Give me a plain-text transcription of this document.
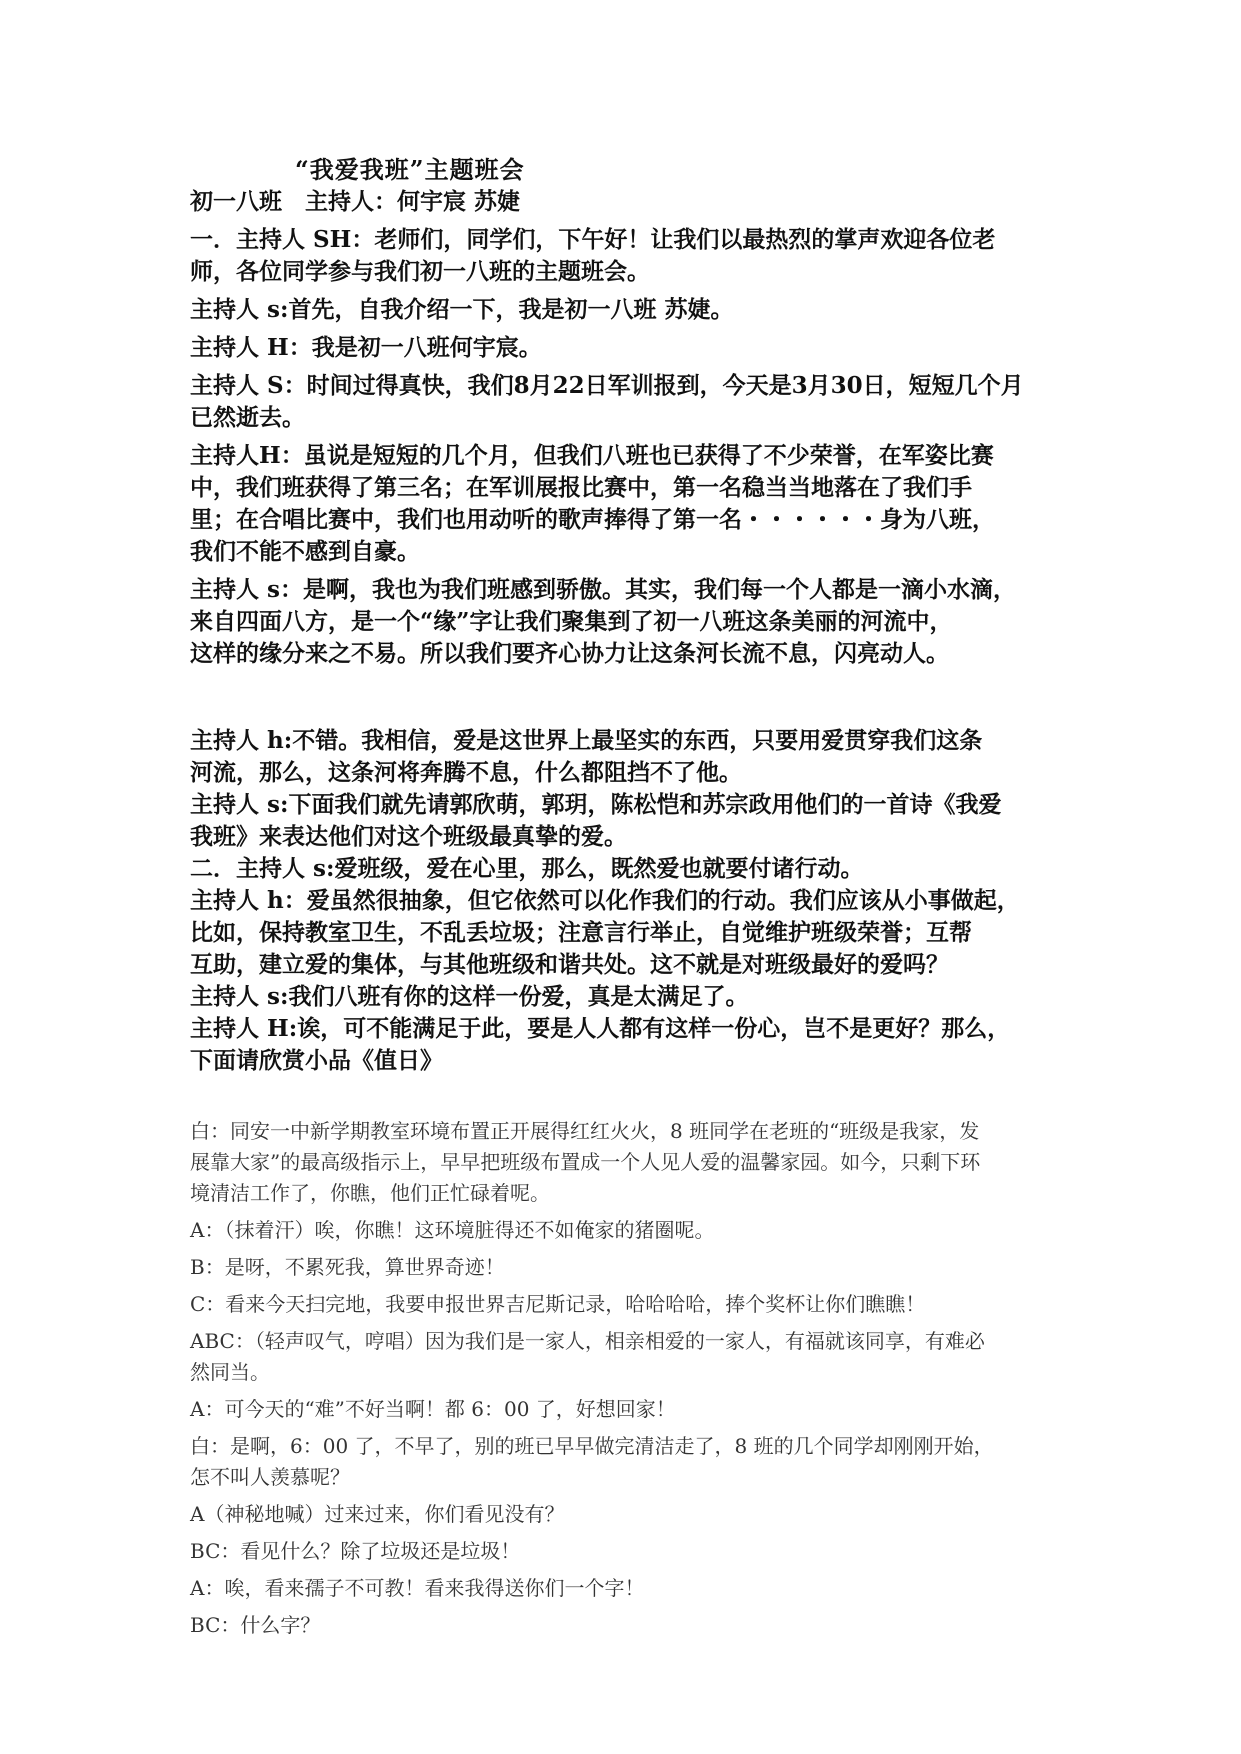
“我爱我班”主题班会

初一八班　主持人：何宇宸 苏婕

一．主持人 SH：老师们，同学们，下午好！让我们以最热烈的掌声欢迎各位老
师，各位同学参与我们初一八班的主题班会。

主持人 s:首先，自我介绍一下，我是初一八班 苏婕。

主持人 H：我是初一八班何宇宸。

主持人 S：时间过得真快，我们8月22日军训报到，今天是3月30日，短短几个月
已然逝去。

主持人H：虽说是短短的几个月，但我们八班也已获得了不少荣誉，在军姿比赛
中，我们班获得了第三名；在军训展报比赛中，第一名稳当当地落在了我们手
里；在合唱比赛中，我们也用动听的歌声捧得了第一名・・・・・・身为八班，
我们不能不感到自豪。

主持人 s：是啊，我也为我们班感到骄傲。其实，我们每一个人都是一滴小水滴，
来自四面八方，是一个“缘”字让我们聚集到了初一八班这条美丽的河流中，
这样的缘分来之不易。所以我们要齐心协力让这条河长流不息，闪亮动人。

主持人 h:不错。我相信，爱是这世界上最坚实的东西，只要用爱贯穿我们这条

河流，那么，这条河将奔腾不息，什么都阻挡不了他。

主持人 s:下面我们就先请郭欣萌，郭玥，陈松恺和苏宗政用他们的一首诗《我爱

我班》来表达他们对这个班级最真挚的爱。

二．主持人 s:爱班级，爱在心里，那么，既然爱也就要付诸行动。

主持人 h：爱虽然很抽象，但它依然可以化作我们的行动。我们应该从小事做起，

比如，保持教室卫生，不乱丢垃圾；注意言行举止，自觉维护班级荣誉；互帮

互助，建立爱的集体，与其他班级和谐共处。这不就是对班级最好的爱吗？

主持人 s:我们八班有你的这样一份爱，真是太满足了。

主持人 H:诶，可不能满足于此，要是人人都有这样一份心，岂不是更好？那么，

下面请欣赏小品《值日》

白：同安一中新学期教室环境布置正开展得红红火火，8 班同学在老班的“班级是我家，发
展靠大家”的最高级指示上，早早把班级布置成一个人见人爱的温馨家园。如今，只剩下环
境清洁工作了，你瞧，他们正忙碌着呢。

A：（抹着汗）唉，你瞧！这环境脏得还不如俺家的猪圈呢。

B：是呀，不累死我，算世界奇迹！

C：看来今天扫完地，我要申报世界吉尼斯记录，哈哈哈哈，捧个奖杯让你们瞧瞧！

ABC：（轻声叹气，哼唱）因为我们是一家人，相亲相爱的一家人，有福就该同享，有难必
然同当。

A：可今天的“难”不好当啊！都 6：00 了，好想回家！

白：是啊，6：00 了，不早了，别的班已早早做完清洁走了，8 班的几个同学却刚刚开始，
怎不叫人羡慕呢？

A（神秘地喊）过来过来，你们看见没有？

BC：看见什么？除了垃圾还是垃圾！

A：唉，看来孺子不可教！看来我得送你们一个字！

BC：什么字？
